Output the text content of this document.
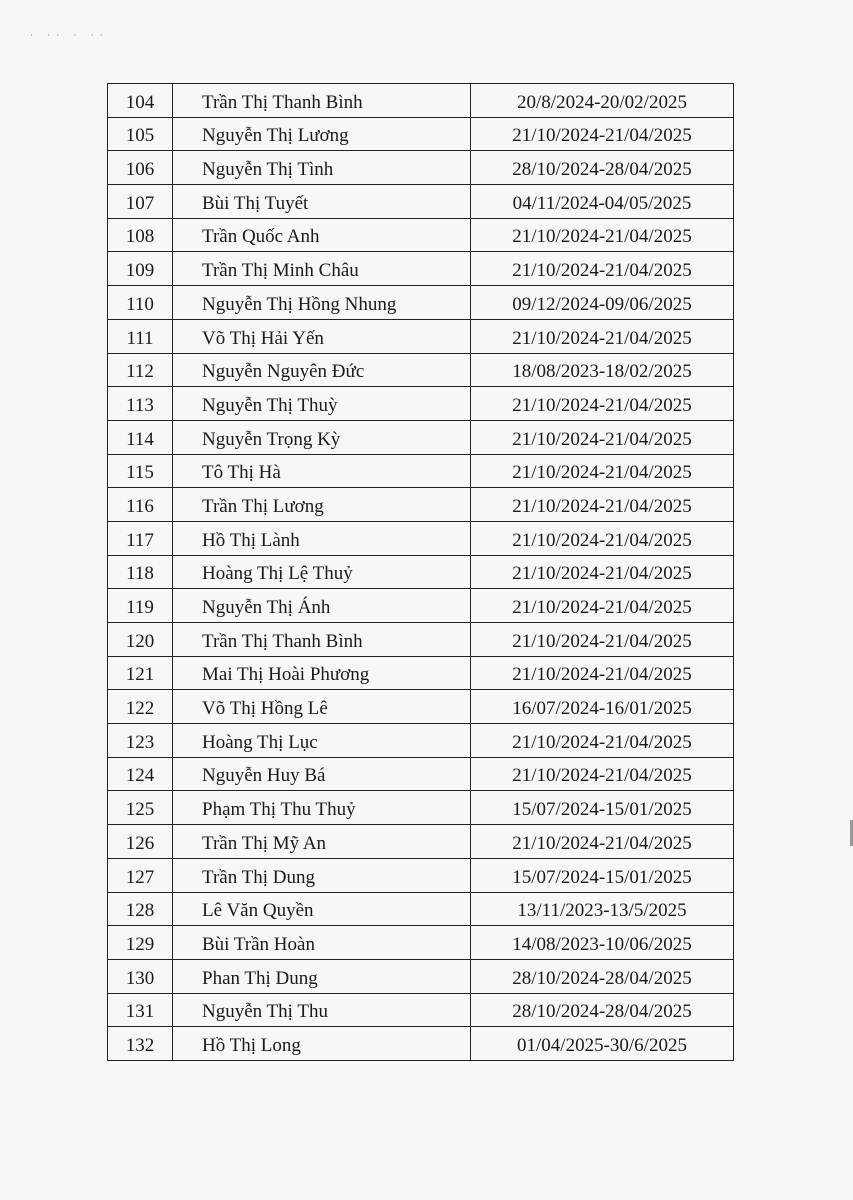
· ·· · ··
104	Trần Thị Thanh Bình	20/8/2024-20/02/2025
105	Nguyễn Thị Lương	21/10/2024-21/04/2025
106	Nguyễn Thị Tình	28/10/2024-28/04/2025
107	Bùi Thị Tuyết	04/11/2024-04/05/2025
108	Trần Quốc Anh	21/10/2024-21/04/2025
109	Trần Thị Minh Châu	21/10/2024-21/04/2025
110	Nguyễn Thị Hồng Nhung	09/12/2024-09/06/2025
111	Võ Thị Hải Yến	21/10/2024-21/04/2025
112	Nguyễn Nguyên Đức	18/08/2023-18/02/2025
113	Nguyễn Thị Thuỳ	21/10/2024-21/04/2025
114	Nguyễn Trọng Kỳ	21/10/2024-21/04/2025
115	Tô Thị Hà	21/10/2024-21/04/2025
116	Trần Thị Lương	21/10/2024-21/04/2025
117	Hồ Thị Lành	21/10/2024-21/04/2025
118	Hoàng Thị Lệ Thuỷ	21/10/2024-21/04/2025
119	Nguyễn Thị Ánh	21/10/2024-21/04/2025
120	Trần Thị Thanh Bình	21/10/2024-21/04/2025
121	Mai Thị Hoài Phương	21/10/2024-21/04/2025
122	Võ Thị Hồng Lê	16/07/2024-16/01/2025
123	Hoàng Thị Lục	21/10/2024-21/04/2025
124	Nguyễn Huy Bá	21/10/2024-21/04/2025
125	Phạm Thị Thu Thuỷ	15/07/2024-15/01/2025
126	Trần Thị Mỹ An	21/10/2024-21/04/2025
127	Trần Thị Dung	15/07/2024-15/01/2025
128	Lê Văn Quyền	13/11/2023-13/5/2025
129	Bùi Trần Hoàn	14/08/2023-10/06/2025
130	Phan Thị Dung	28/10/2024-28/04/2025
131	Nguyễn Thị Thu	28/10/2024-28/04/2025
132	Hồ Thị Long	01/04/2025-30/6/2025
